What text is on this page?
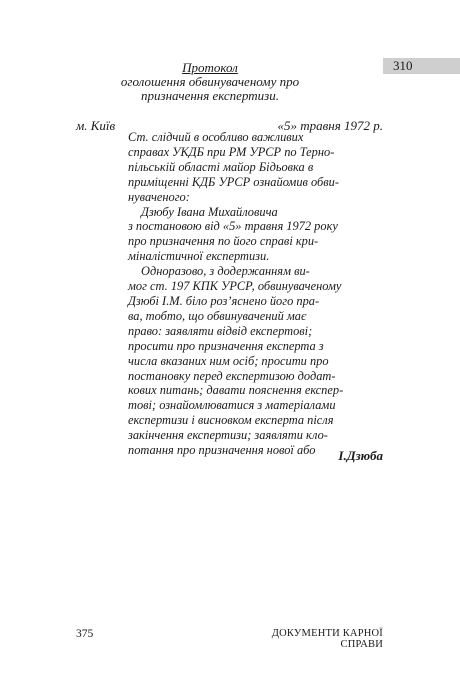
310
Протокол
оголошення обвинуваченому про
призначення експертизи.
м. Київ	«5» травня 1972 р.
Ст. слідчий в особливо важливих
справах УКДБ при РМ УРСР по Терно-
пільській області майор Бідьовка в
приміщенні КДБ УРСР ознайомив обви-
нуваченого:
Дзюбу Івана Михайловича
з постановою від «5» травня 1972 року
про призначення по його справі кри-
міналістичної експертизи.
Одноразово, з додержанням ви-
мог ст. 197 КПК УРСР, обвинуваченому
Дзюбі І.М. біло роз’яснено його пра-
ва, тобто, що обвинувачений має
право: заявляти відвід експертові;
просити про призначення експерта з
числа вказаних ним осіб; просити про
постановку перед експертизою додат-
кових питань; давати пояснення експер-
тові; ознайомлюватися з матеріалами
експертизи і висновком експерта після
закінчення експертизи; заявляти кло-
потання про призначення нової або	І.Дзюба
375	ДОКУМЕНТИ КАРНОЇ СПРАВИ
